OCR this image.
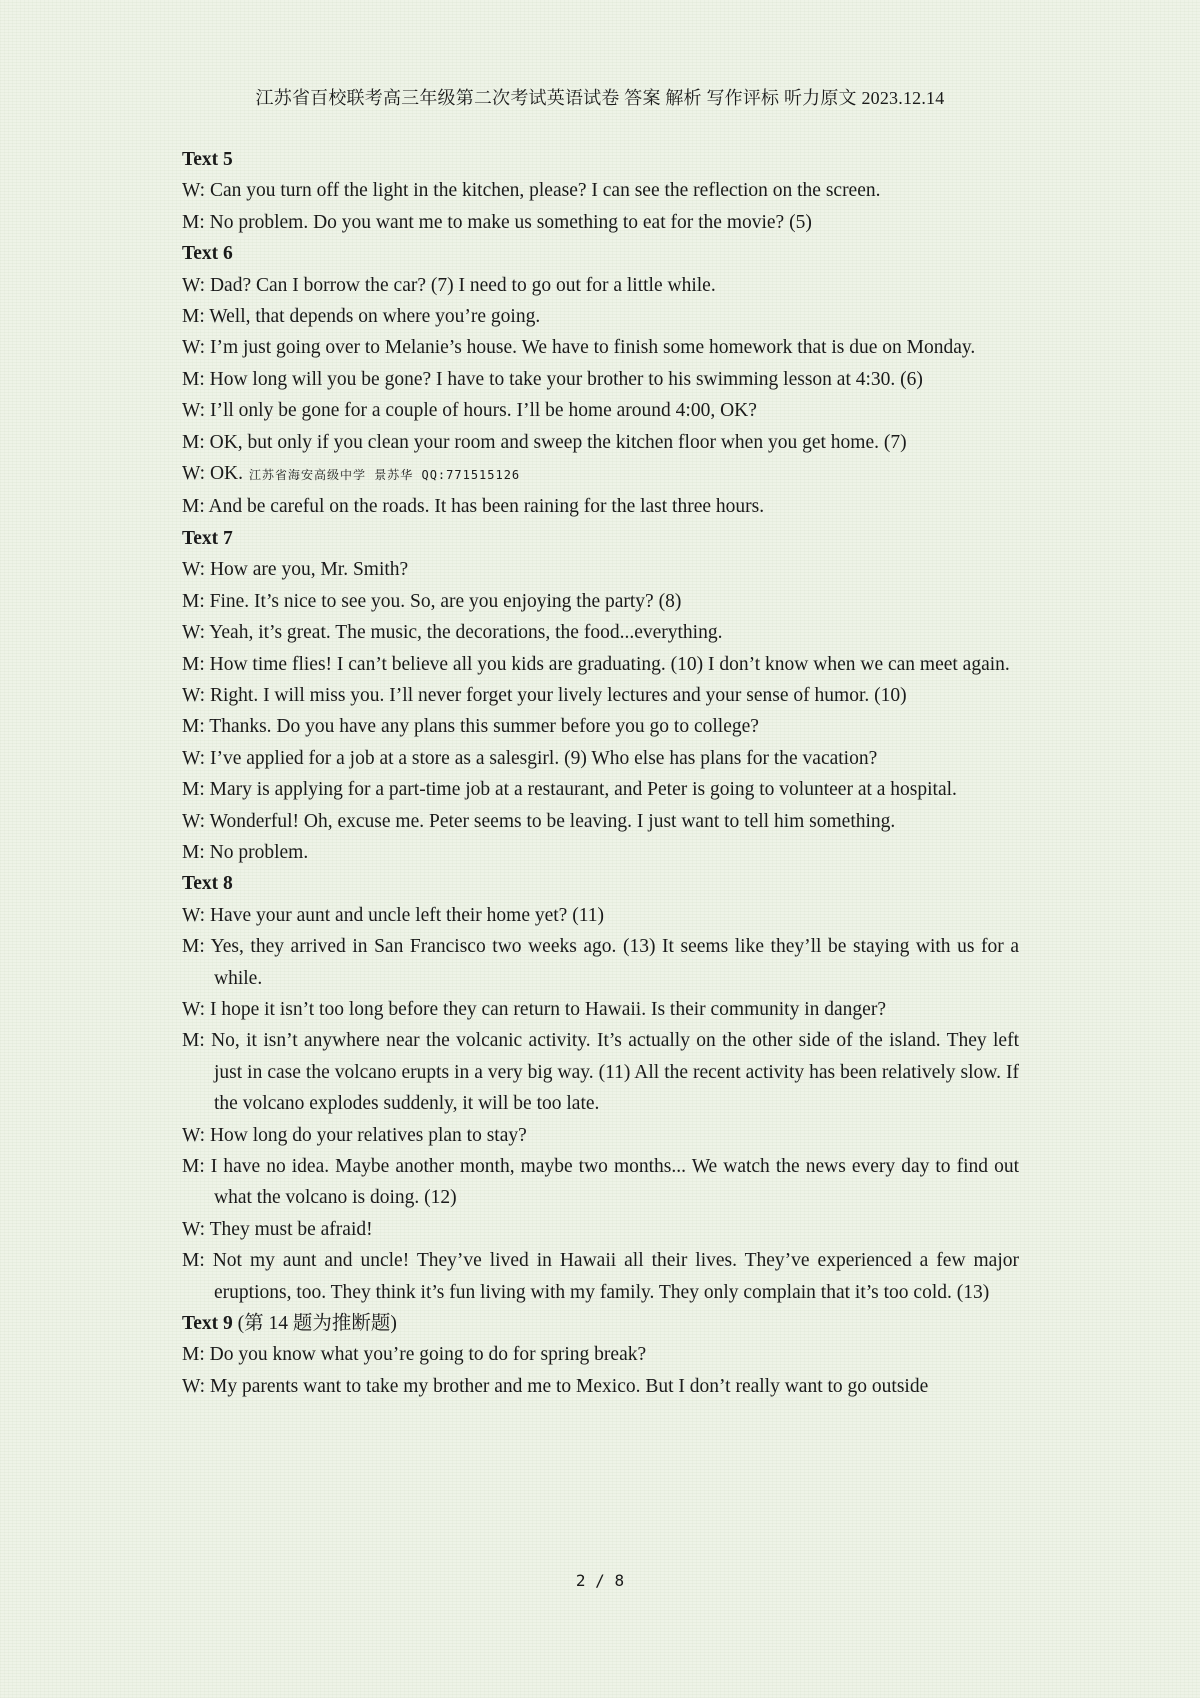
江苏省百校联考高三年级第二次考试英语试卷 答案 解析 写作评标 听力原文 2023.12.14

Text 5

W: Can you turn off the light in the kitchen, please? I can see the reflection on the screen.

M: No problem. Do you want me to make us something to eat for the movie? (5)

Text 6

W: Dad? Can I borrow the car? (7) I need to go out for a little while.

M: Well, that depends on where you’re going.

W: I’m just going over to Melanie’s house. We have to finish some homework that is due on Monday.

M: How long will you be gone? I have to take your brother to his swimming lesson at 4:30. (6)

W: I’ll only be gone for a couple of hours. I’ll be home around 4:00, OK?

M: OK, but only if you clean your room and sweep the kitchen floor when you get home. (7)

W: OK. 江苏省海安高级中学 景苏华 QQ:771515126

M: And be careful on the roads. It has been raining for the last three hours.

Text 7

W: How are you, Mr. Smith?

M: Fine. It’s nice to see you. So, are you enjoying the party? (8)

W: Yeah, it’s great. The music, the decorations, the food...everything.

M: How time flies! I can’t believe all you kids are graduating. (10) I don’t know when we can meet again.

W: Right. I will miss you. I’ll never forget your lively lectures and your sense of humor. (10)

M: Thanks. Do you have any plans this summer before you go to college?

W: I’ve applied for a job at a store as a salesgirl. (9) Who else has plans for the vacation?

M: Mary is applying for a part-time job at a restaurant, and Peter is going to volunteer at a hospital.

W: Wonderful! Oh, excuse me. Peter seems to be leaving. I just want to tell him something.

M: No problem.

Text 8

W: Have your aunt and uncle left their home yet? (11)

M: Yes, they arrived in San Francisco two weeks ago. (13) It seems like they’ll be staying with us for a while.

W: I hope it isn’t too long before they can return to Hawaii. Is their community in danger?

M: No, it isn’t anywhere near the volcanic activity. It’s actually on the other side of the island. They left just in case the volcano erupts in a very big way. (11) All the recent activity has been relatively slow. If the volcano explodes suddenly, it will be too late.

W: How long do your relatives plan to stay?

M: I have no idea. Maybe another month, maybe two months... We watch the news every day to find out what the volcano is doing. (12)

W: They must be afraid!

M: Not my aunt and uncle! They’ve lived in Hawaii all their lives. They’ve experienced a few major eruptions, too. They think it’s fun living with my family. They only complain that it’s too cold. (13)

Text 9 (第 14 题为推断题)

M: Do you know what you’re going to do for spring break?

W: My parents want to take my brother and me to Mexico. But I don’t really want to go outside

2 / 8
